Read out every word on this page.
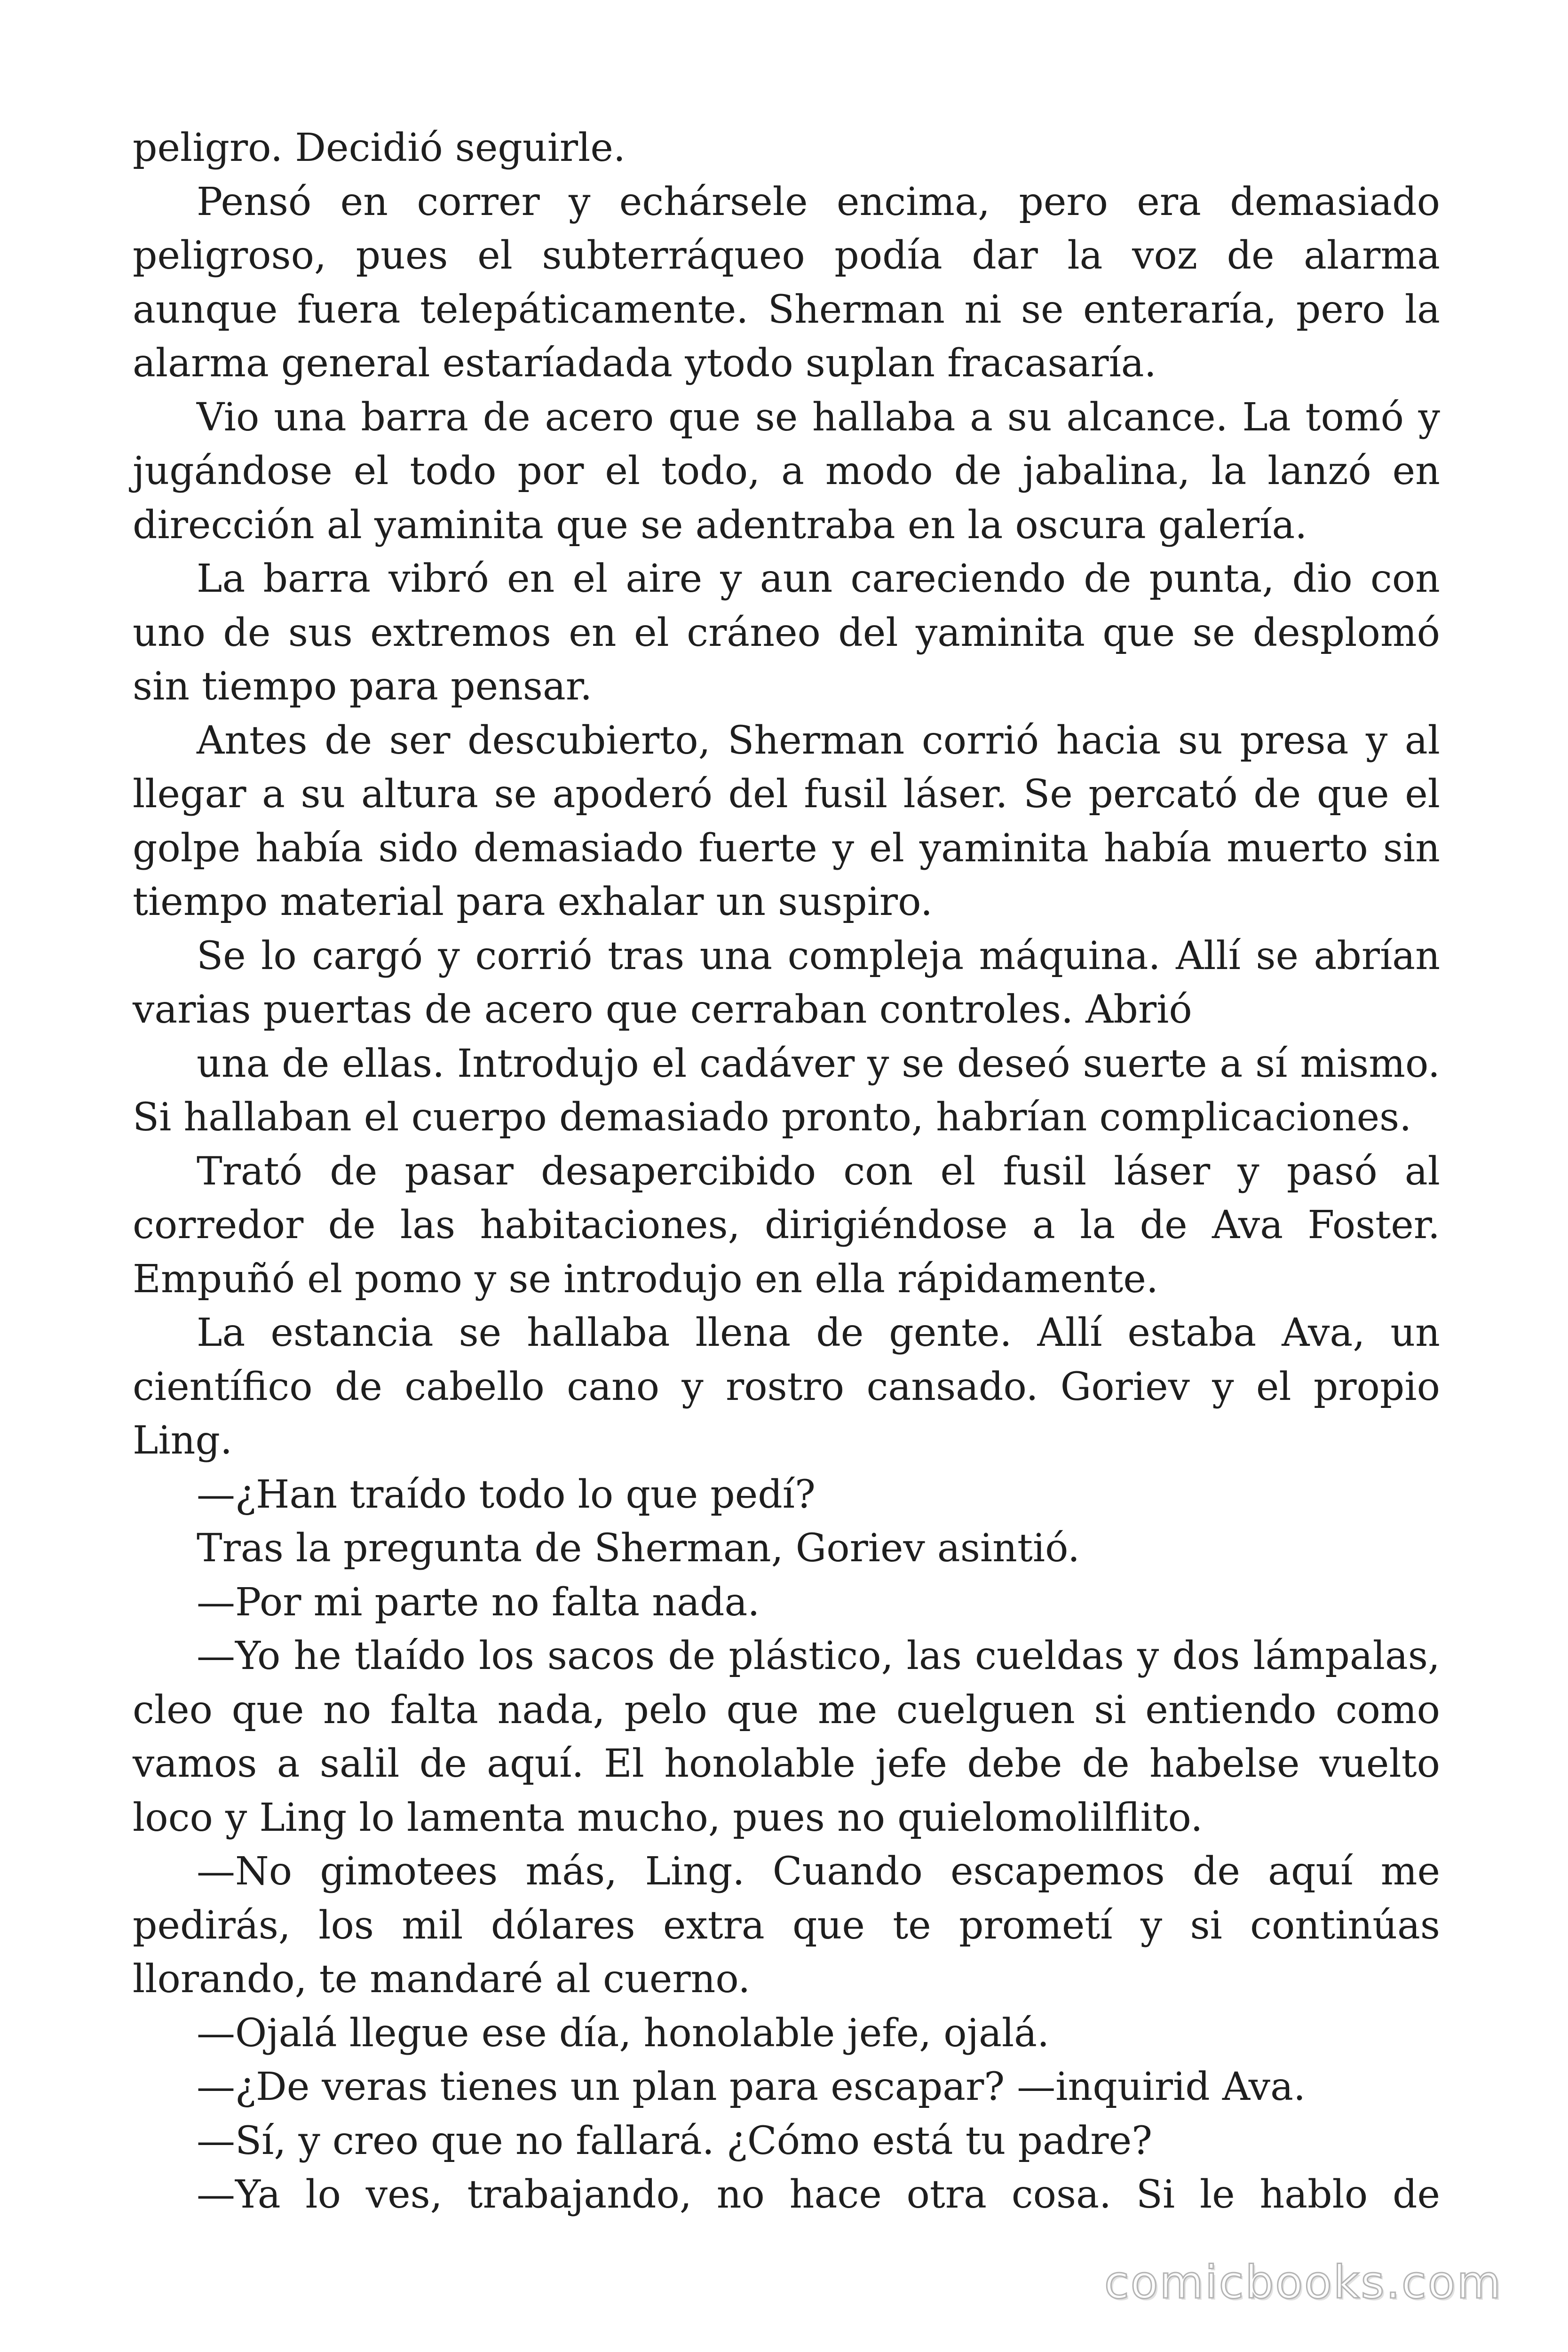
peligro. Decidió seguirle.

Pensó en correr y echársele encima, pero era demasiado peligroso, pues el subterráqueo podía dar la voz de alarma aunque fuera telepáticamente. Sherman ni se enteraría, pero la alarma general estaríadada ytodo suplan fracasaría.

Vio una barra de acero que se hallaba a su alcance. La tomó y jugándose el todo por el todo, a modo de jabalina, la lanzó en dirección al yaminita que se adentraba en la oscura galería.

La barra vibró en el aire y aun careciendo de punta, dio con uno de sus extremos en el cráneo del yaminita que se desplomó sin tiempo para pensar.

Antes de ser descubierto, Sherman corrió hacia su presa y al llegar a su altura se apoderó del fusil láser. Se percató de que el golpe había sido demasiado fuerte y el yaminita había muerto sin tiempo material para exhalar un suspiro.

Se lo cargó y corrió tras una compleja máquina. Allí se abrían varias puertas de acero que cerraban controles. Abrió

una de ellas. Introdujo el cadáver y se deseó suerte a sí mismo. Si hallaban el cuerpo demasiado pronto, habrían complicaciones.

Trató de pasar desapercibido con el fusil láser y pasó al corredor de las habitaciones, dirigiéndose a la de Ava Foster. Empuñó el pomo y se introdujo en ella rápidamente.

La estancia se hallaba llena de gente. Allí estaba Ava, un científico de cabello cano y rostro cansado. Goriev y el propio Ling.

—¿Han traído todo lo que pedí?

Tras la pregunta de Sherman, Goriev asintió.

—Por mi parte no falta nada.

—Yo he tlaído los sacos de plástico, las cueldas y dos lámpalas, cleo que no falta nada, pelo que me cuelguen si entiendo como vamos a salil de aquí. El honolable jefe debe de habelse vuelto loco y Ling lo lamenta mucho, pues no quielomolilflito.

—No gimotees más, Ling. Cuando escapemos de aquí me pedirás, los mil dólares extra que te prometí y si continúas llorando, te mandaré al cuerno.

—Ojalá llegue ese día, honolable jefe, ojalá.

—¿De veras tienes un plan para escapar? —inquirid Ava.

—Sí, y creo que no fallará. ¿Cómo está tu padre?

—Ya lo ves, trabajando, no hace otra cosa. Si le hablo de

comicbooks.com
